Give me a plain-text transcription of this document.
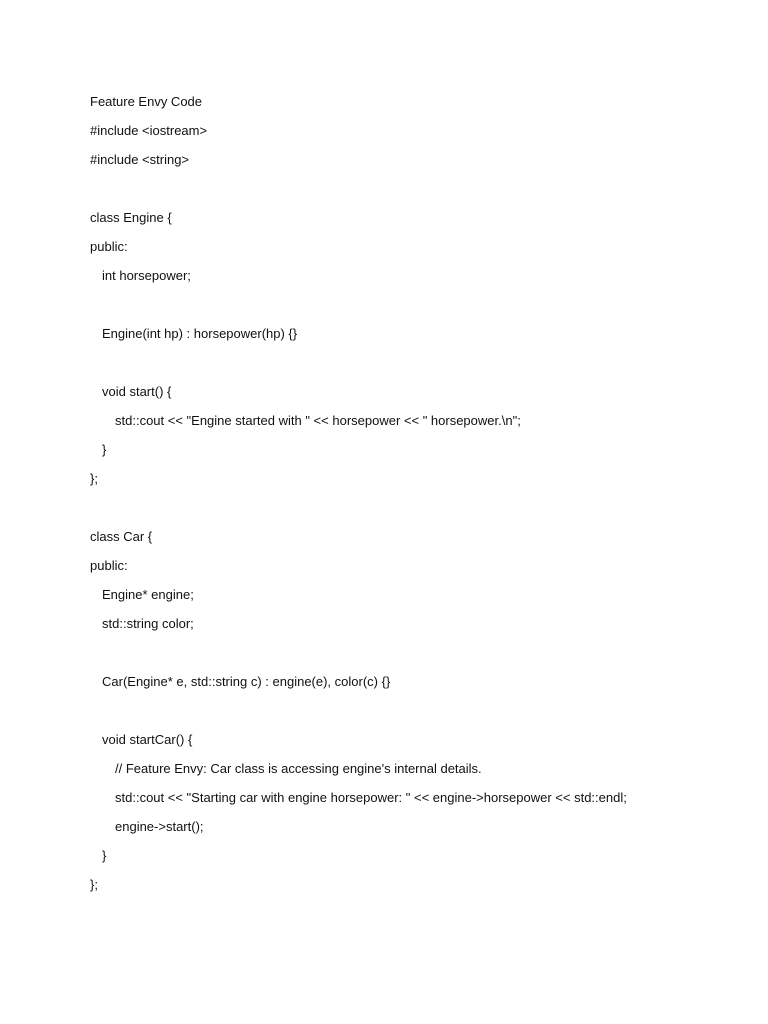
Feature Envy Code
#include <iostream>
#include <string>
class Engine {
public:
int horsepower;
Engine(int hp) : horsepower(hp) {}
void start() {
std::cout << "Engine started with " << horsepower << " horsepower.\n";
}
};
class Car {
public:
Engine* engine;
std::string color;
Car(Engine* e, std::string c) : engine(e), color(c) {}
void startCar() {
// Feature Envy: Car class is accessing engine's internal details.
std::cout << "Starting car with engine horsepower: " << engine->horsepower << std::endl;
engine->start();
}
};
